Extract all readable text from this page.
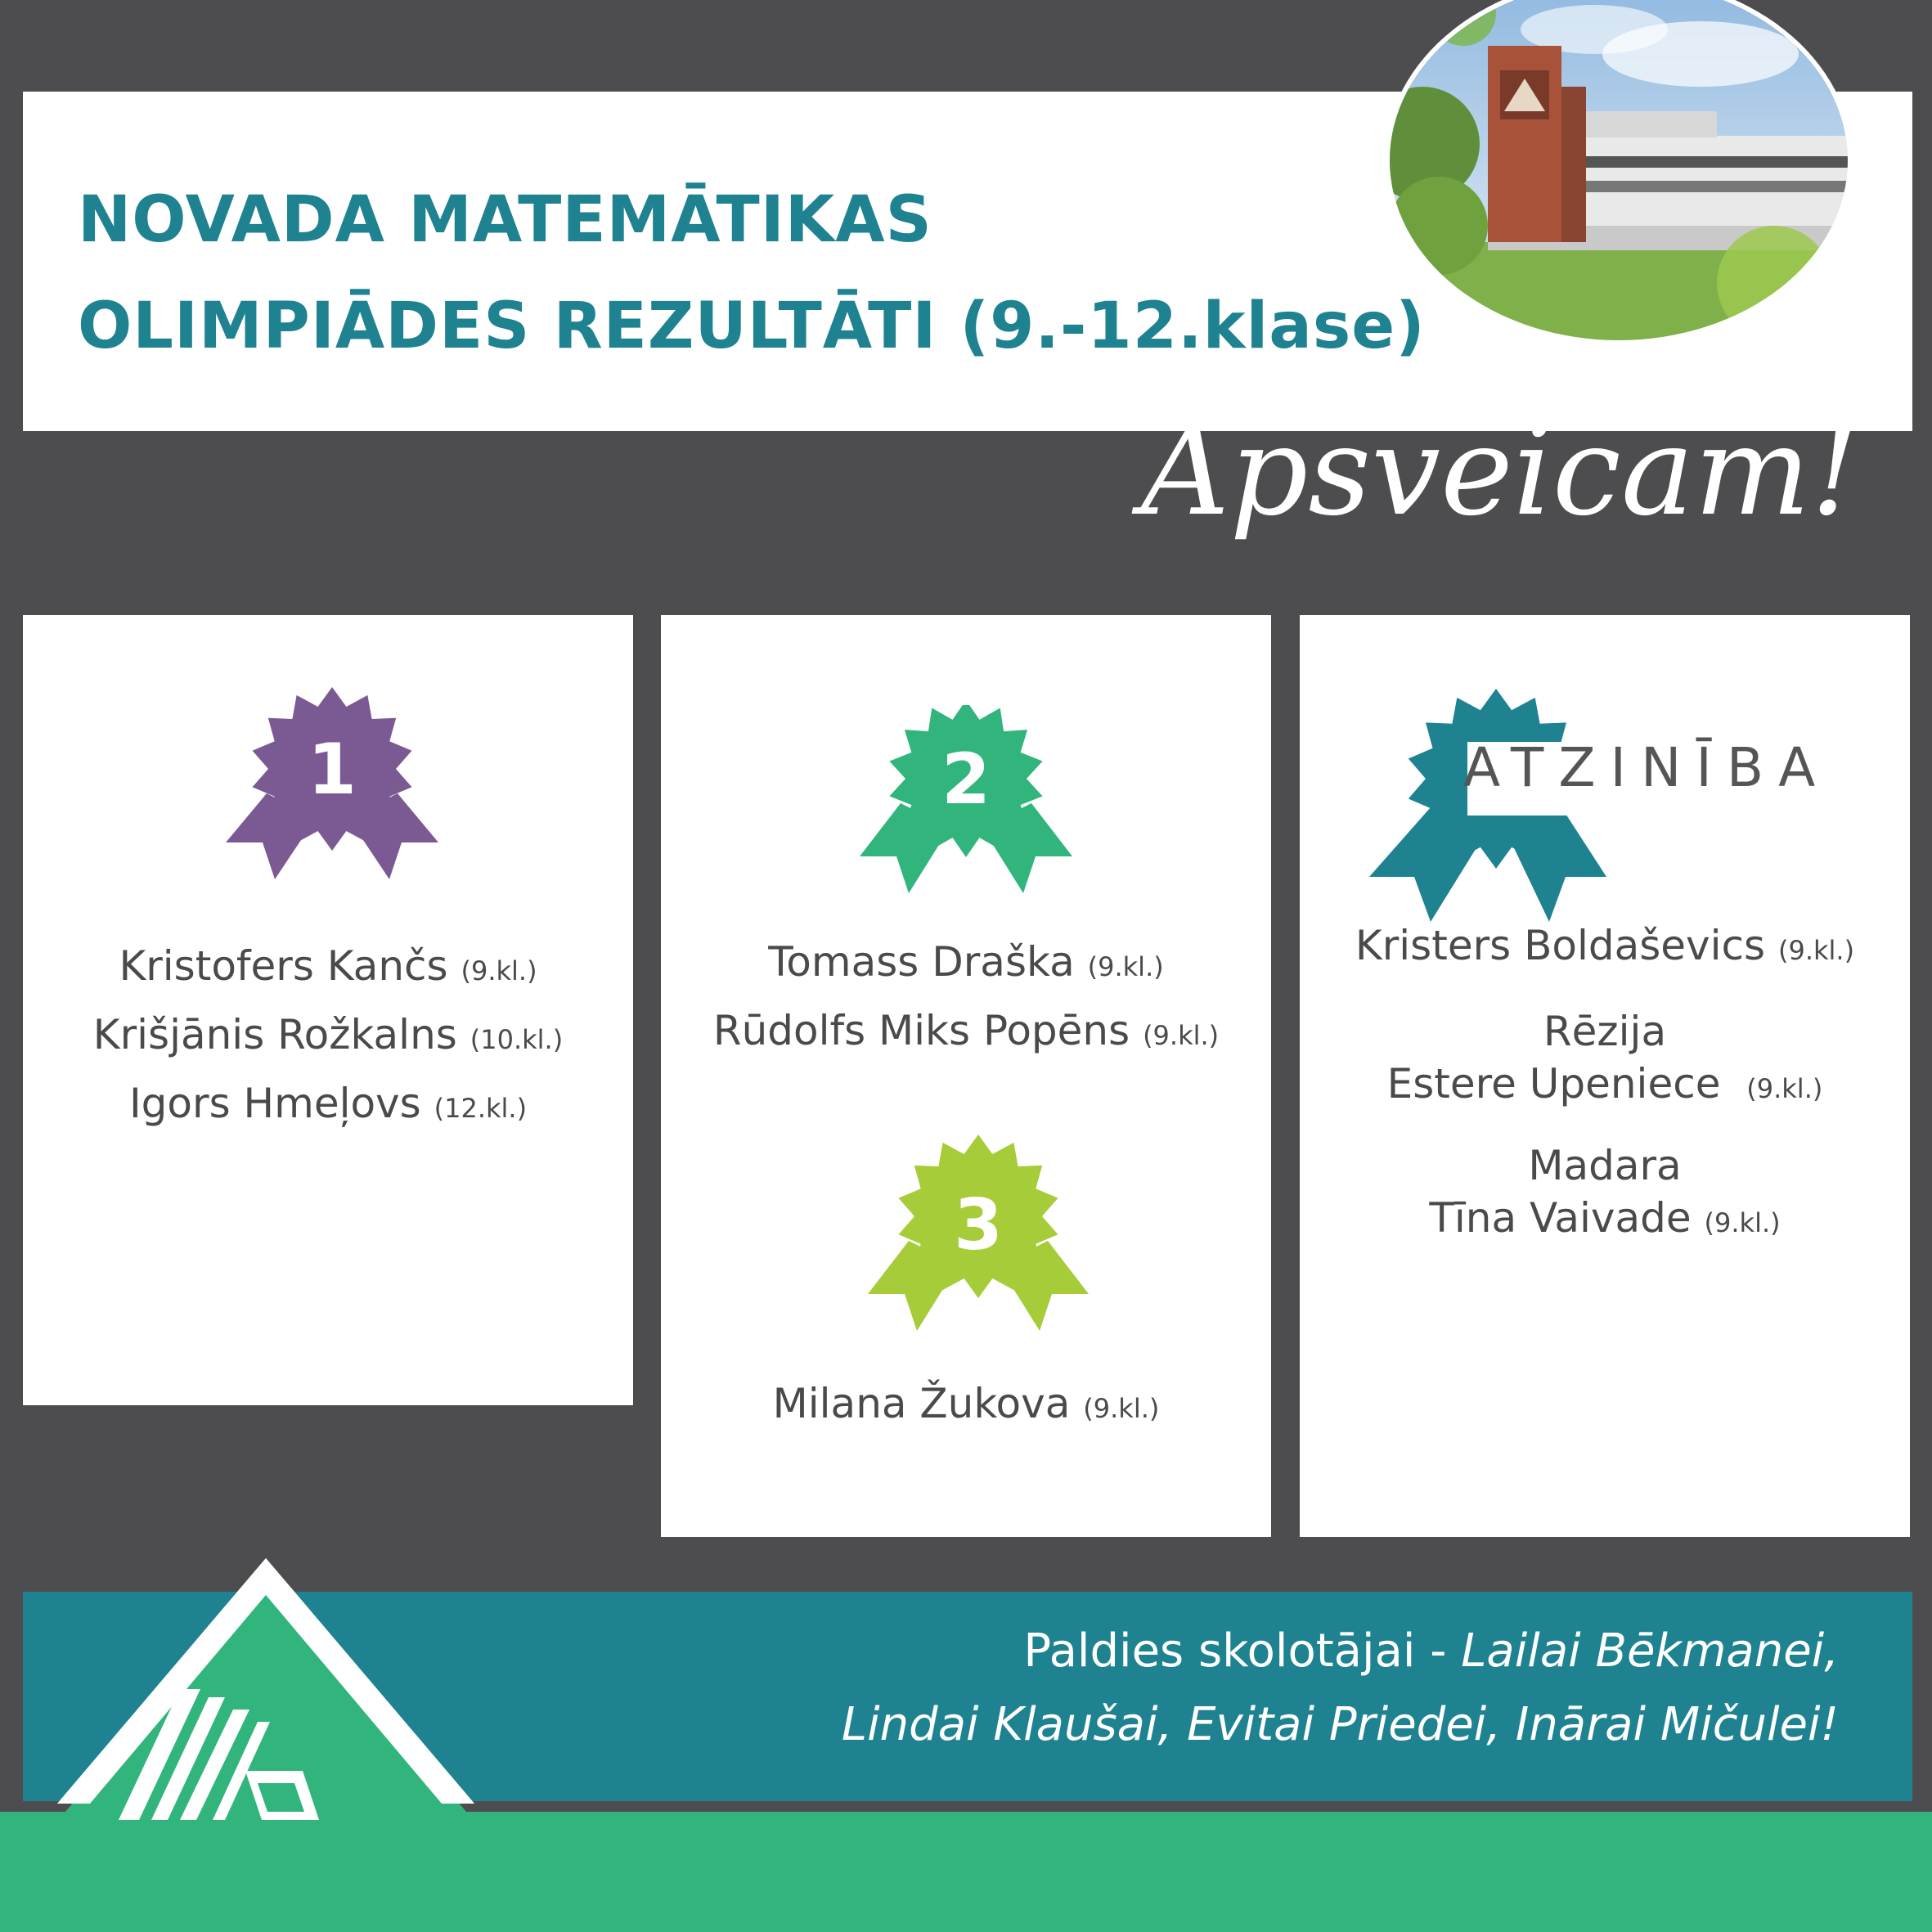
NOVADA MATEMĀTIKAS
OLIMPIĀDES REZULTĀTI (9.-12.klase)
Apsveicam!
1
Kristofers Kančs (9.kl.)
Krišjānis Rožkalns (10.kl.)
Igors Hmeļovs (12.kl.)
2
Tomass Draška (9.kl.)
Rūdolfs Miks Popēns (9.kl.)
3
Milana Žukova (9.kl.)
ATZINĪBA
Kristers Boldaševics (9.kl.)
Rēzija
Estere Upeniece (9.kl.)
Madara
Tīna Vaivade (9.kl.)
Paldies skolotājai - Lailai Bēkmanei,
Lindai Klaušai, Evitai Priedei, Inārai Mičulei!
